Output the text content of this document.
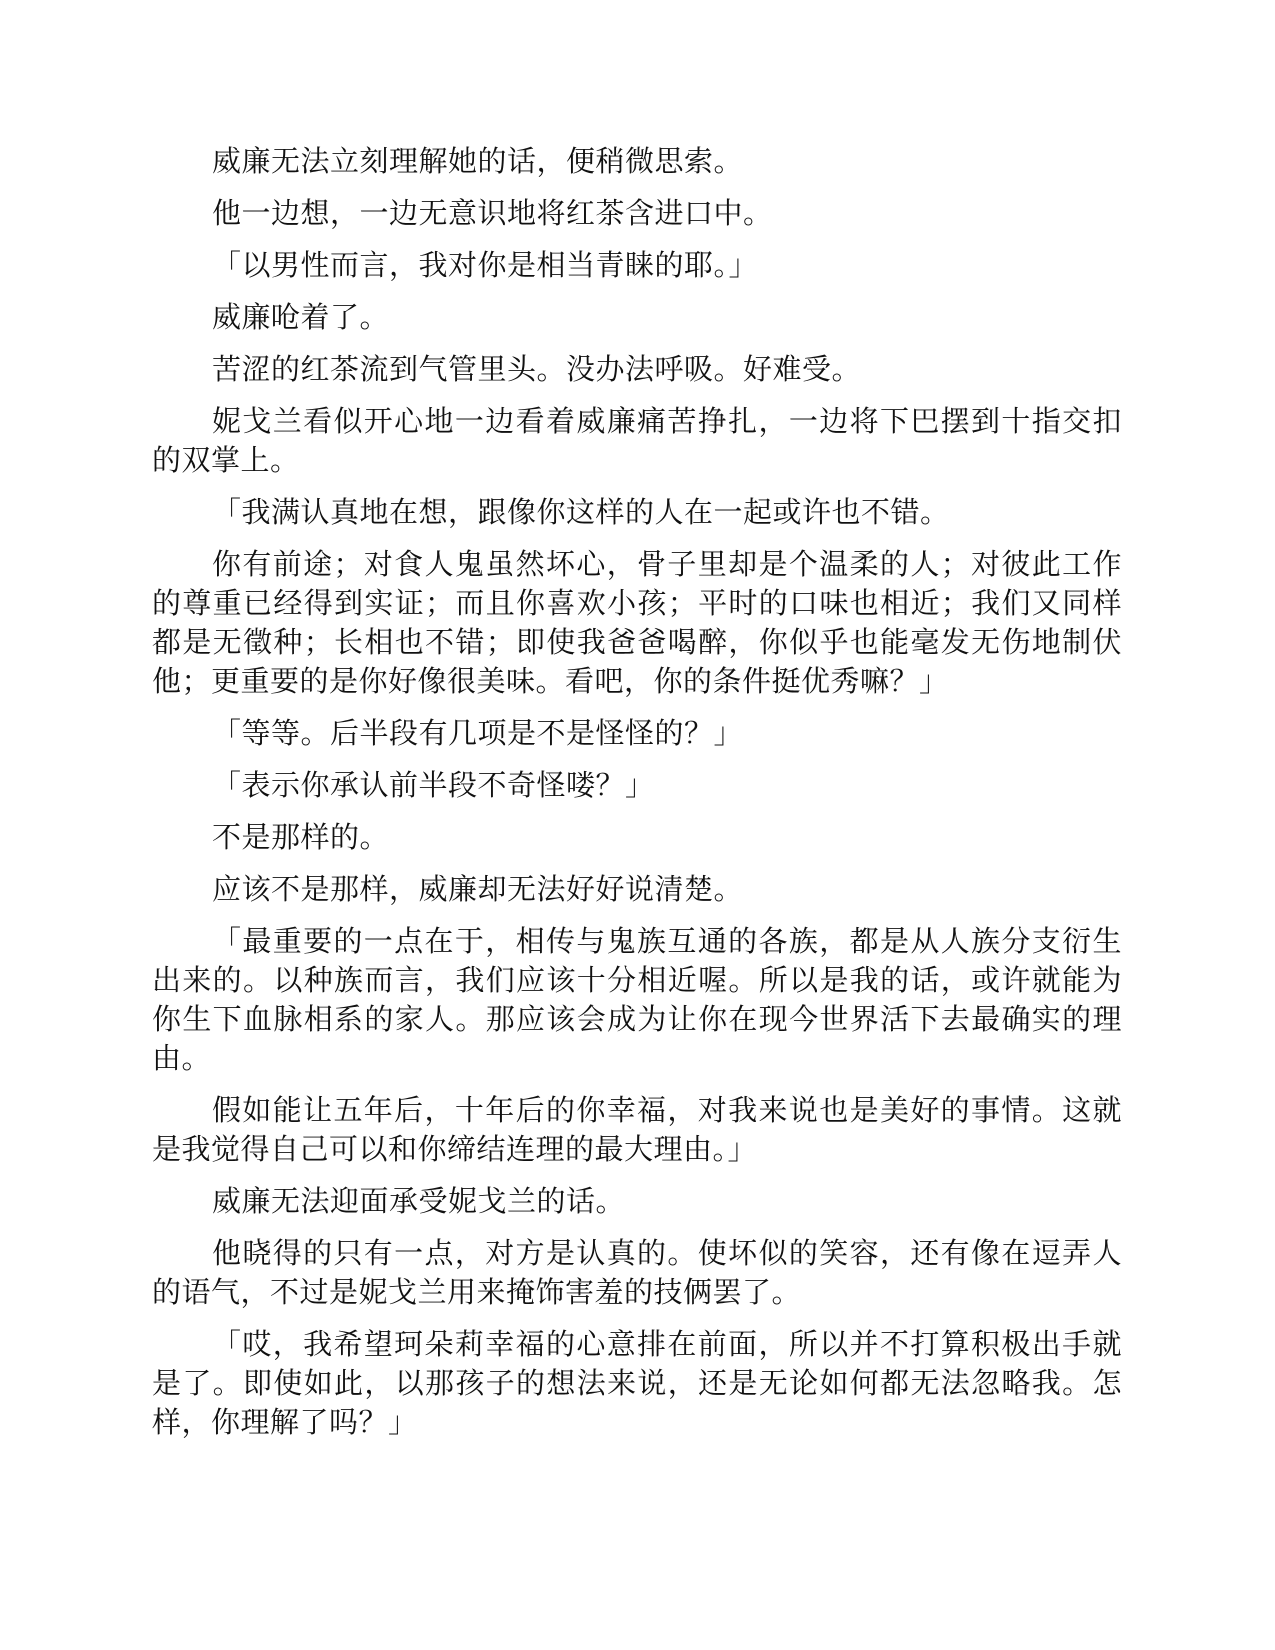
威廉无法立刻理解她的话，便稍微思索。

他一边想，一边无意识地将红茶含进口中。

「以男性而言，我对你是相当青睐的耶。」

威廉呛着了。

苦涩的红茶流到气管里头。没办法呼吸。好难受。

妮戈兰看似开心地一边看着威廉痛苦挣扎，一边将下巴摆到十指交扣的双掌上。

「我满认真地在想，跟像你这样的人在一起或许也不错。

你有前途；对食人鬼虽然坏心，骨子里却是个温柔的人；对彼此工作的尊重已经得到实证；而且你喜欢小孩；平时的口味也相近；我们又同样都是无徵种；长相也不错；即使我爸爸喝醉，你似乎也能毫发无伤地制伏他；更重要的是你好像很美味。看吧，你的条件挺优秀嘛？」

「等等。后半段有几项是不是怪怪的？」

「表示你承认前半段不奇怪喽？」

不是那样的。

应该不是那样，威廉却无法好好说清楚。

「最重要的一点在于，相传与鬼族互通的各族，都是从人族分支衍生出来的。以种族而言，我们应该十分相近喔。所以是我的话，或许就能为你生下血脉相系的家人。那应该会成为让你在现今世界活下去最确实的理由。

假如能让五年后，十年后的你幸福，对我来说也是美好的事情。这就是我觉得自己可以和你缔结连理的最大理由。」

威廉无法迎面承受妮戈兰的话。

他晓得的只有一点，对方是认真的。使坏似的笑容，还有像在逗弄人的语气，不过是妮戈兰用来掩饰害羞的技俩罢了。

「哎，我希望珂朵莉幸福的心意排在前面，所以并不打算积极出手就是了。即使如此，以那孩子的想法来说，还是无论如何都无法忽略我。怎样，你理解了吗？」
